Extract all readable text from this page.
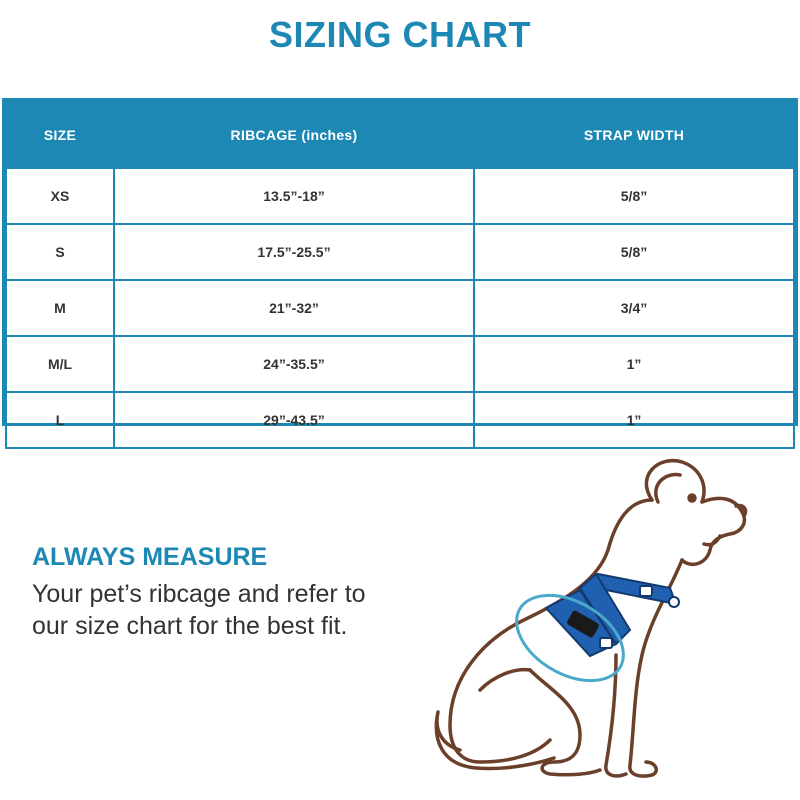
SIZING CHART
SIZE	RIBCAGE (inches)	STRAP WIDTH
XS	13.5”-18”	5/8”
S	17.5”-25.5”	5/8”
M	21”-32”	3/4”
M/L	24”-35.5”	1”
L	29”-43.5”	1”
ALWAYS MEASURE
Your pet’s ribcage and refer to
our size chart for the best fit.
